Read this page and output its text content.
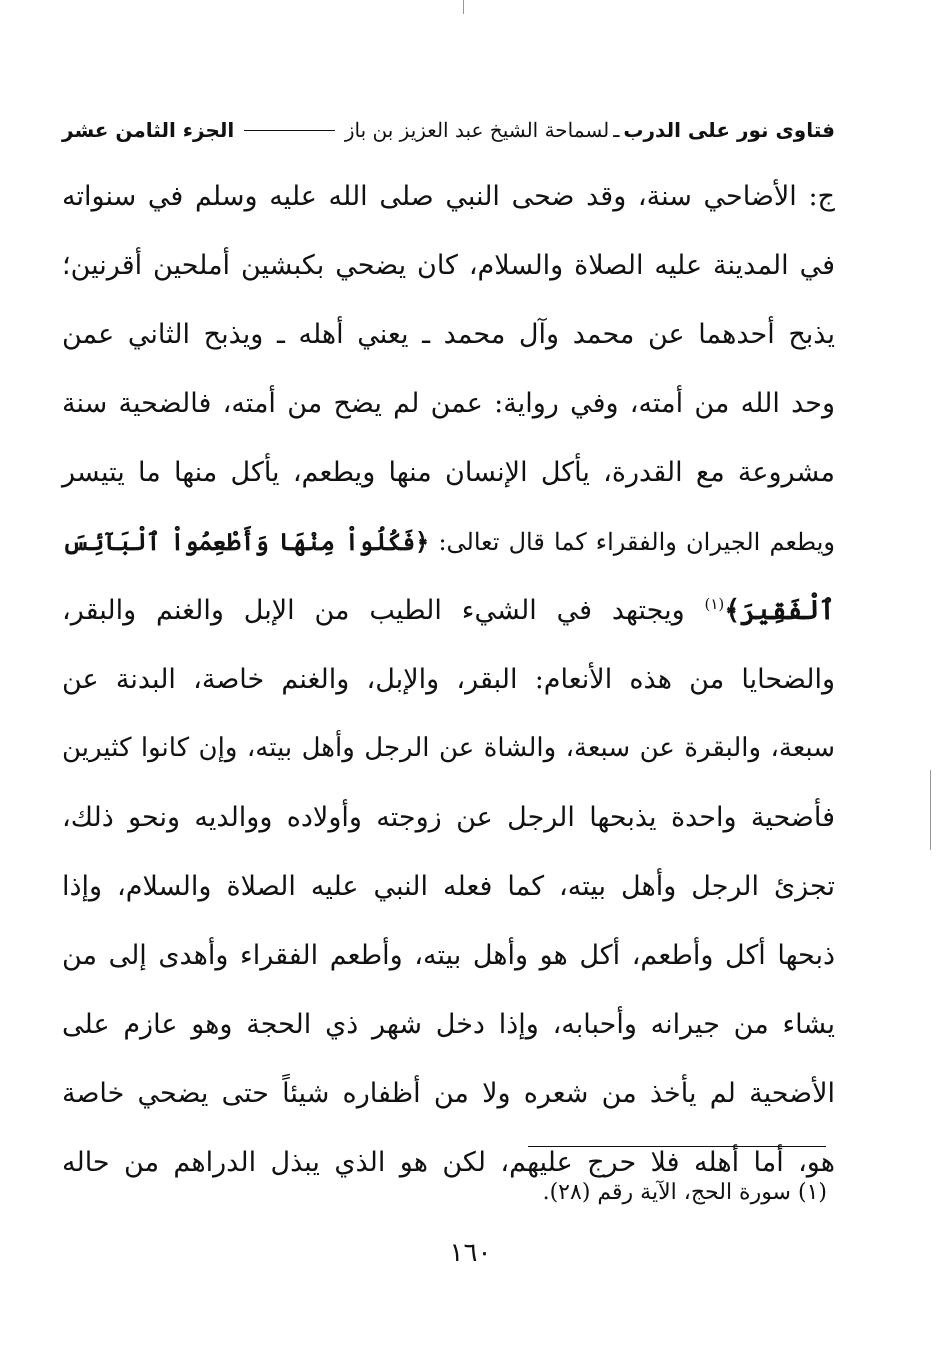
فتاوى نور على الدرب
ـ
لسماحة الشيخ عبد العزيز بن باز
الجزء الثامن عشر
ج: الأضاحي سنة، وقد ضحى النبي صلى الله عليه وسلم في سنواته
في المدينة عليه الصلاة والسلام، كان يضحي بكبشين أملحين أقرنين؛
يذبح أحدهما عن محمد وآل محمد ـ يعني أهله ـ ويذبح الثاني عمن
وحد الله من أمته، وفي رواية: عمن لم يضح من أمته، فالضحية سنة
مشروعة مع القدرة، يأكل الإنسان منها ويطعم، يأكل منها ما يتيسر
ويطعم الجيران والفقراء كما قال تعالى: ﴿فَكُلُواْ مِنْهَا وَأَطْعِمُواْ ٱلْبَآئِسَ
ٱلْفَقِيرَ﴾$^{(١)}$ ويجتهد في الشيء الطيب من الإبل والغنم والبقر،
والضحايا من هذه الأنعام: البقر، والإبل، والغنم خاصة، البدنة عن
سبعة، والبقرة عن سبعة، والشاة عن الرجل وأهل بيته، وإن كانوا كثيرين
فأضحية واحدة يذبحها الرجل عن زوجته وأولاده ووالديه ونحو ذلك،
تجزئ الرجل وأهل بيته، كما فعله النبي عليه الصلاة والسلام، وإذا
ذبحها أكل وأطعم، أكل هو وأهل بيته، وأطعم الفقراء وأهدى إلى من
يشاء من جيرانه وأحبابه، وإذا دخل شهر ذي الحجة وهو عازم على
الأضحية لم يأخذ من شعره ولا من أظفاره شيئاً حتى يضحي خاصة
هو، أما أهله فلا حرج عليهم، لكن هو الذي يبذل الدراهم من حاله
(١) سورة الحج، الآية رقم (٢٨).
١٦٠
